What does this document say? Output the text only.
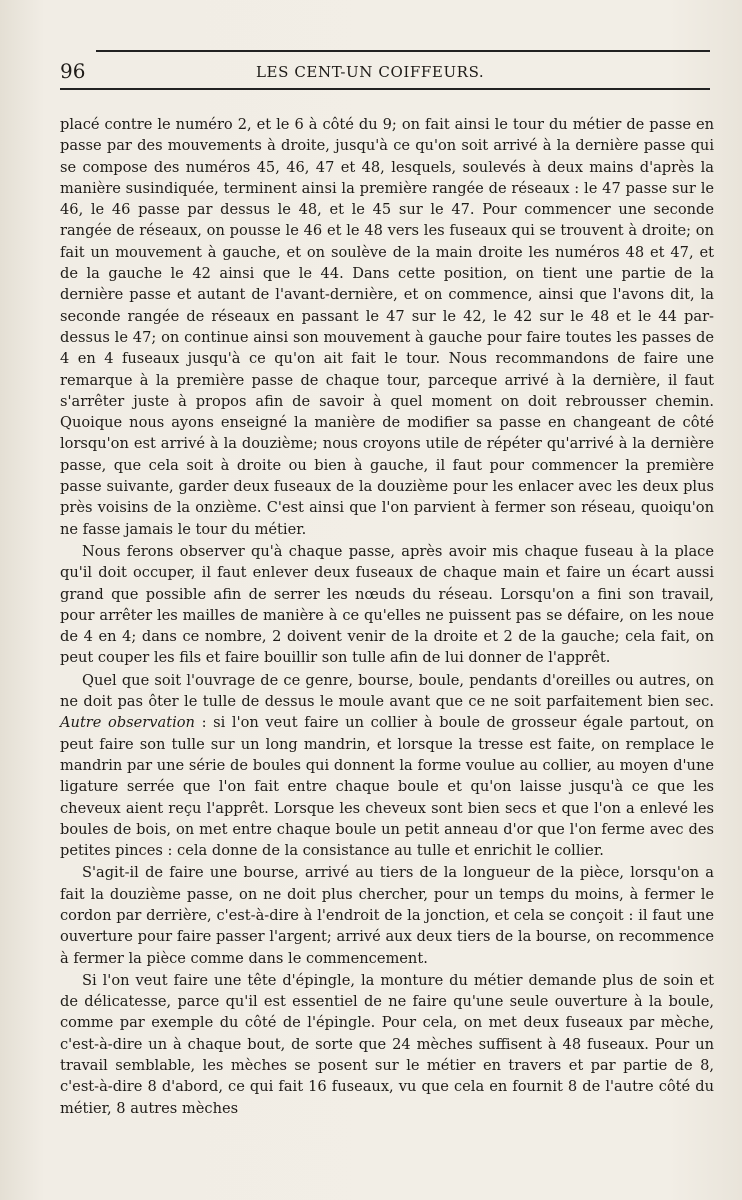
96	LES CENT-UN COIFFEURS.

placé contre le numéro 2, et le 6 à côté du 9; on fait ainsi le tour du métier de passe en passe par des mouvements à droite, jusqu'à ce qu'on soit arrivé à la dernière passe qui se compose des numéros 45, 46, 47 et 48, lesquels, soulevés à deux mains d'après la manière susindiquée, terminent ainsi la première rangée de réseaux : le 47 passe sur le 46, le 46 passe par dessus le 48, et le 45 sur le 47. Pour commencer une seconde rangée de réseaux, on pousse le 46 et le 48 vers les fuseaux qui se trouvent à droite; on fait un mouvement à gauche, et on soulève de la main droite les numéros 48 et 47, et de la gauche le 42 ainsi que le 44. Dans cette position, on tient une partie de la dernière passe et autant de l'avant-dernière, et on commence, ainsi que l'avons dit, la seconde rangée de réseaux en passant le 47 sur le 42, le 42 sur le 48 et le 44 par-dessus le 47; on continue ainsi son mouvement à gauche pour faire toutes les passes de 4 en 4 fuseaux jusqu'à ce qu'on ait fait le tour. Nous recommandons de faire une remarque à la première passe de chaque tour, parceque arrivé à la dernière, il faut s'arrêter juste à propos afin de savoir à quel moment on doit rebrousser chemin. Quoique nous ayons enseigné la manière de modifier sa passe en changeant de côté lorsqu'on est arrivé à la douzième; nous croyons utile de répéter qu'arrivé à la dernière passe, que cela soit à droite ou bien à gauche, il faut pour commencer la première passe suivante, garder deux fuseaux de la douzième pour les enlacer avec les deux plus près voisins de la onzième. C'est ainsi que l'on parvient à fermer son réseau, quoiqu'on ne fasse jamais le tour du métier.

Nous ferons observer qu'à chaque passe, après avoir mis chaque fuseau à la place qu'il doit occuper, il faut enlever deux fuseaux de chaque main et faire un écart aussi grand que possible afin de serrer les nœuds du réseau. Lorsqu'on a fini son travail, pour arrêter les mailles de manière à ce qu'elles ne puissent pas se défaire, on les noue de 4 en 4; dans ce nombre, 2 doivent venir de la droite et 2 de la gauche; cela fait, on peut couper les fils et faire bouillir son tulle afin de lui donner de l'apprêt.

Quel que soit l'ouvrage de ce genre, bourse, boule, pendants d'oreilles ou autres, on ne doit pas ôter le tulle de dessus le moule avant que ce ne soit parfaitement bien sec. Autre observation : si l'on veut faire un collier à boule de grosseur égale partout, on peut faire son tulle sur un long mandrin, et lorsque la tresse est faite, on remplace le mandrin par une série de boules qui donnent la forme voulue au collier, au moyen d'une ligature serrée que l'on fait entre chaque boule et qu'on laisse jusqu'à ce que les cheveux aient reçu l'apprêt. Lorsque les cheveux sont bien secs et que l'on a enlevé les boules de bois, on met entre chaque boule un petit anneau d'or que l'on ferme avec des petites pinces : cela donne de la consistance au tulle et enrichit le collier.

S'agit-il de faire une bourse, arrivé au tiers de la longueur de la pièce, lorsqu'on a fait la douzième passe, on ne doit plus chercher, pour un temps du moins, à fermer le cordon par derrière, c'est-à-dire à l'endroit de la jonction, et cela se conçoit : il faut une ouverture pour faire passer l'argent; arrivé aux deux tiers de la bourse, on recommence à fermer la pièce comme dans le commencement.

Si l'on veut faire une tête d'épingle, la monture du métier demande plus de soin et de délicatesse, parce qu'il est essentiel de ne faire qu'une seule ouverture à la boule, comme par exemple du côté de l'épingle. Pour cela, on met deux fuseaux par mèche, c'est-à-dire un à chaque bout, de sorte que 24 mèches suffisent à 48 fuseaux. Pour un travail semblable, les mèches se posent sur le métier en travers et par partie de 8, c'est-à-dire 8 d'abord, ce qui fait 16 fuseaux, vu que cela en fournit 8 de l'autre côté du métier, 8 autres mèches
